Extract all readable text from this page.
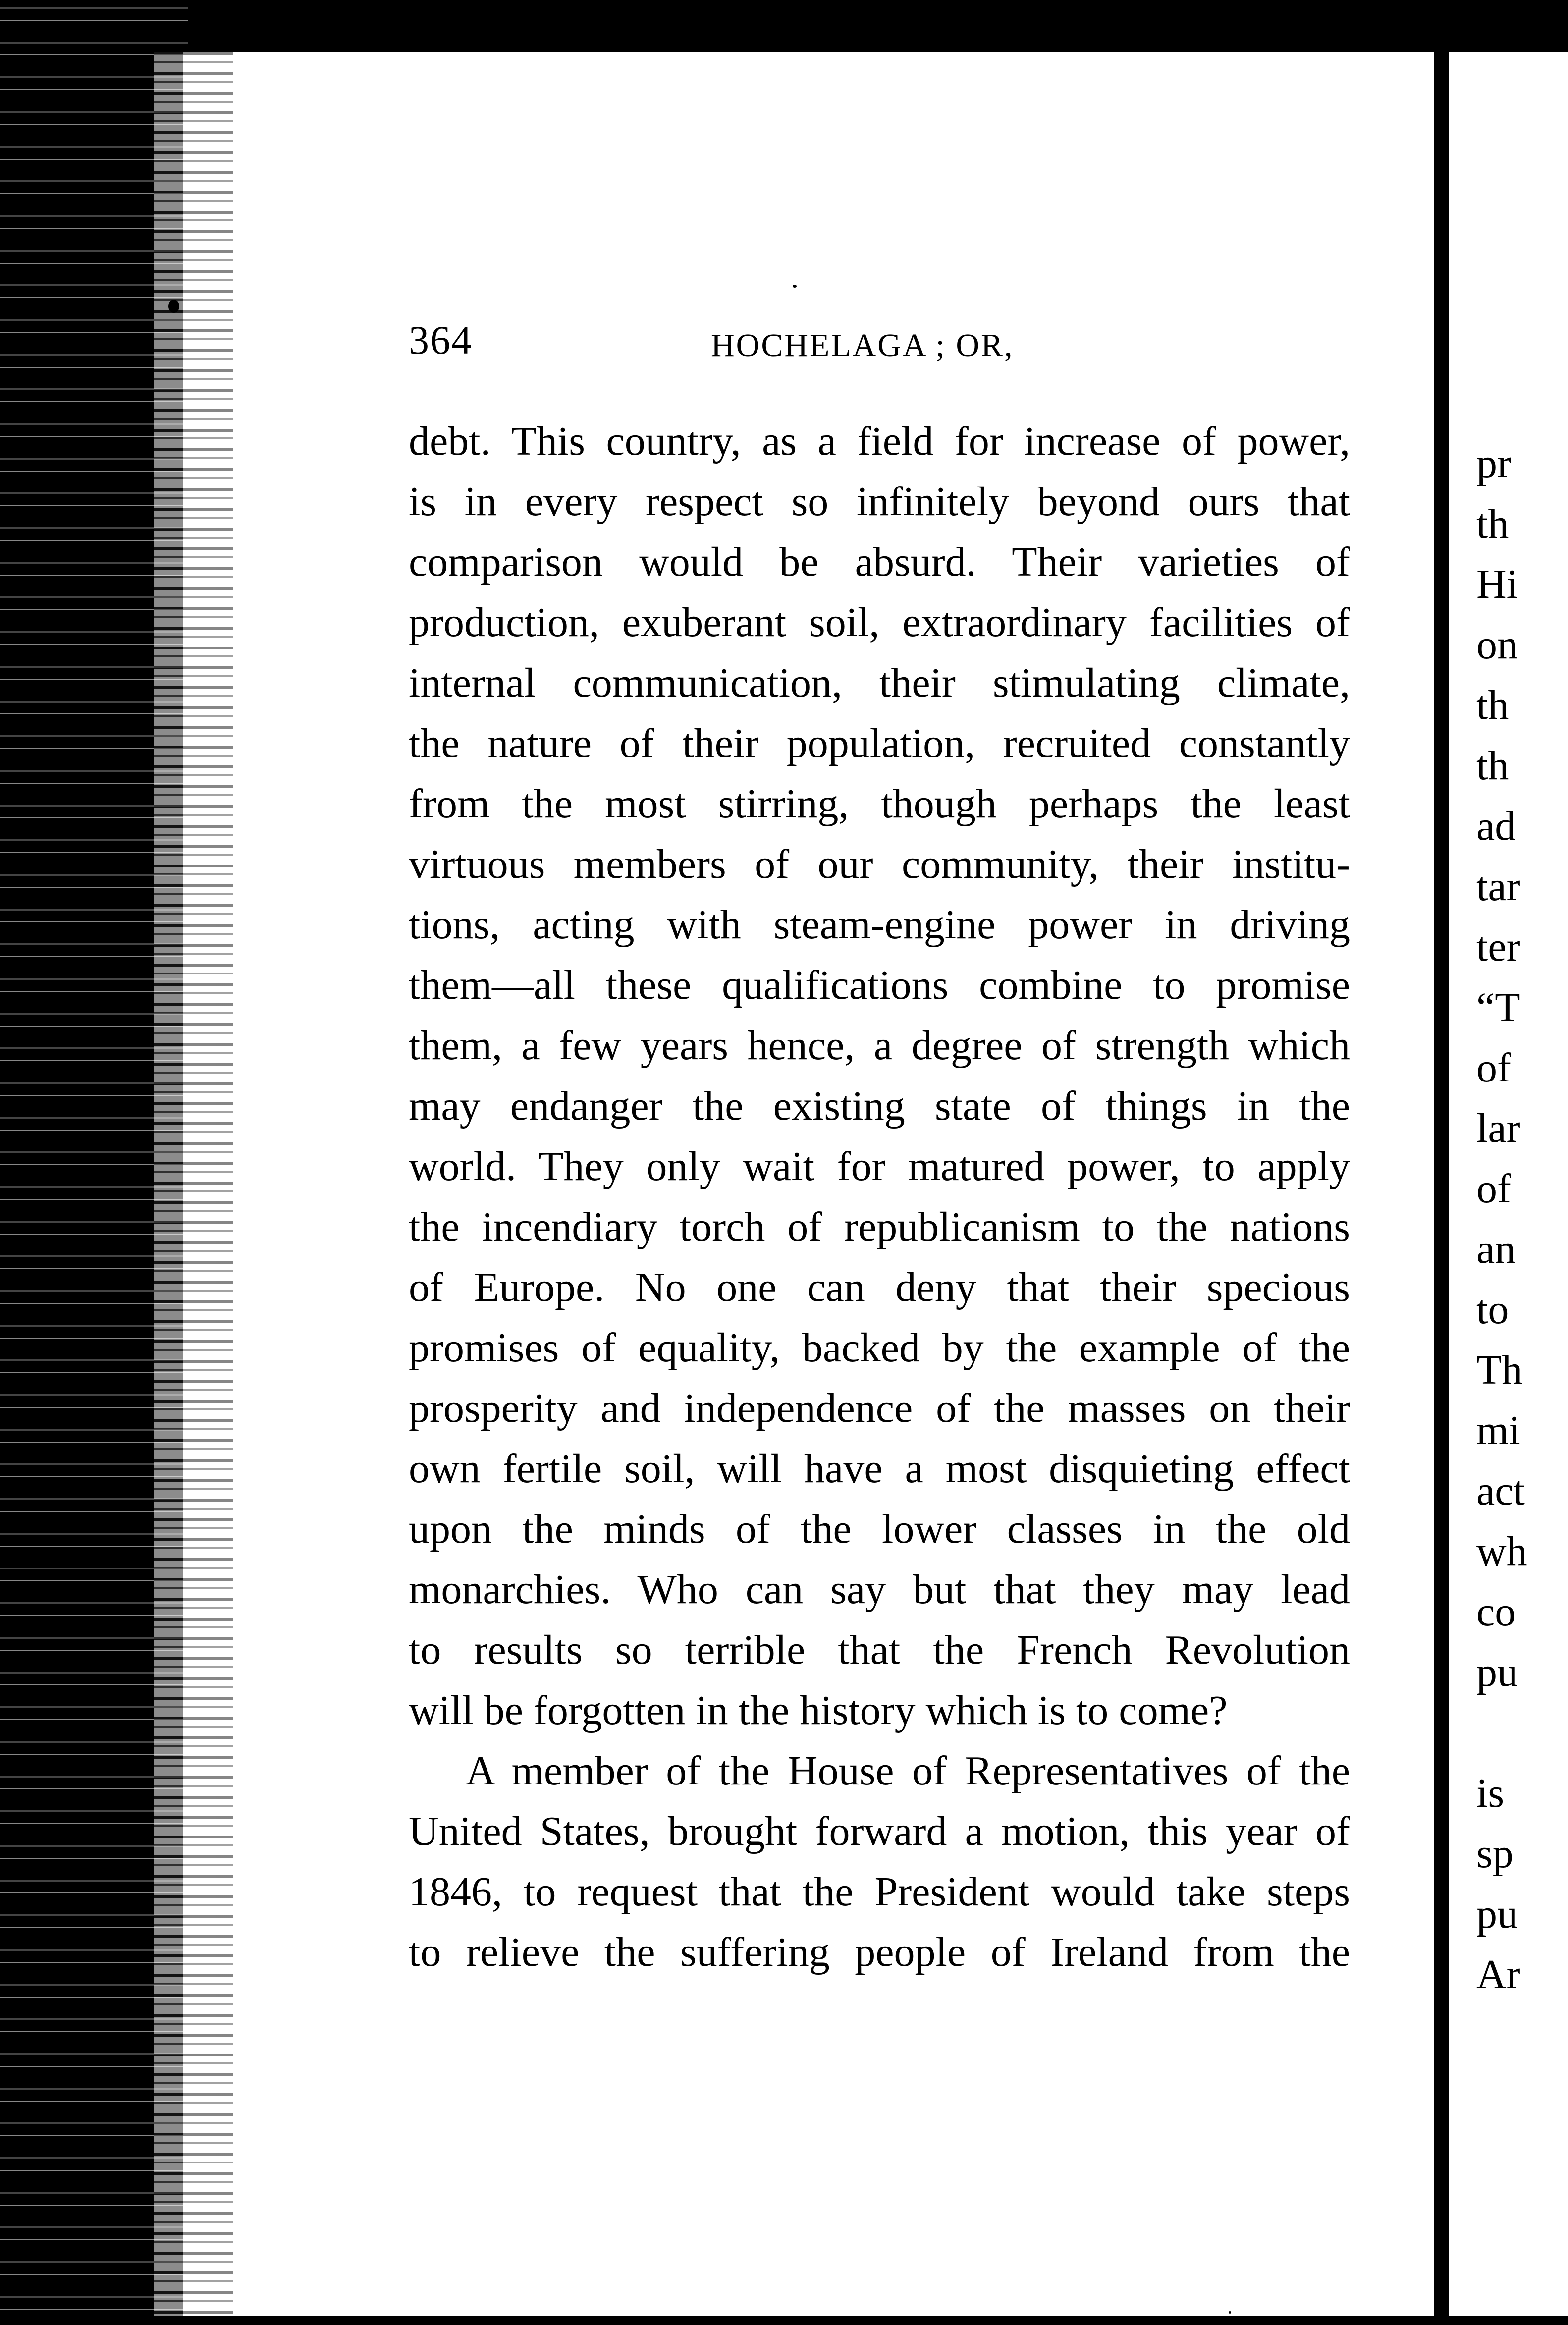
364	HOCHELAGA ; OR,
debt. This country, as a field for increase of power,
is in every respect so infinitely beyond ours that
comparison would be absurd. Their varieties of
production, exuberant soil, extraordinary facilities of
internal communication, their stimulating climate,
the nature of their population, recruited constantly
from the most stirring, though perhaps the least
virtuous members of our community, their institu-
tions, acting with steam-engine power in driving
them—all these qualifications combine to promise
them, a few years hence, a degree of strength which
may endanger the existing state of things in the
world. They only wait for matured power, to apply
the incendiary torch of republicanism to the nations
of Europe. No one can deny that their specious
promises of equality, backed by the example of the
prosperity and independence of the masses on their
own fertile soil, will have a most disquieting effect
upon the minds of the lower classes in the old
monarchies. Who can say but that they may lead
to results so terrible that the French Revolution
will be forgotten in the history which is to come?
A member of the House of Representatives of the
United States, brought forward a motion, this year of
1846, to request that the President would take steps
to relieve the suffering people of Ireland from the
pr
th
Hi
on
th
th
ad
tar
ter
“T
of
lar
of
an
to
Th
mi
act
wh
co
pu
is
sp
pu
Ar
